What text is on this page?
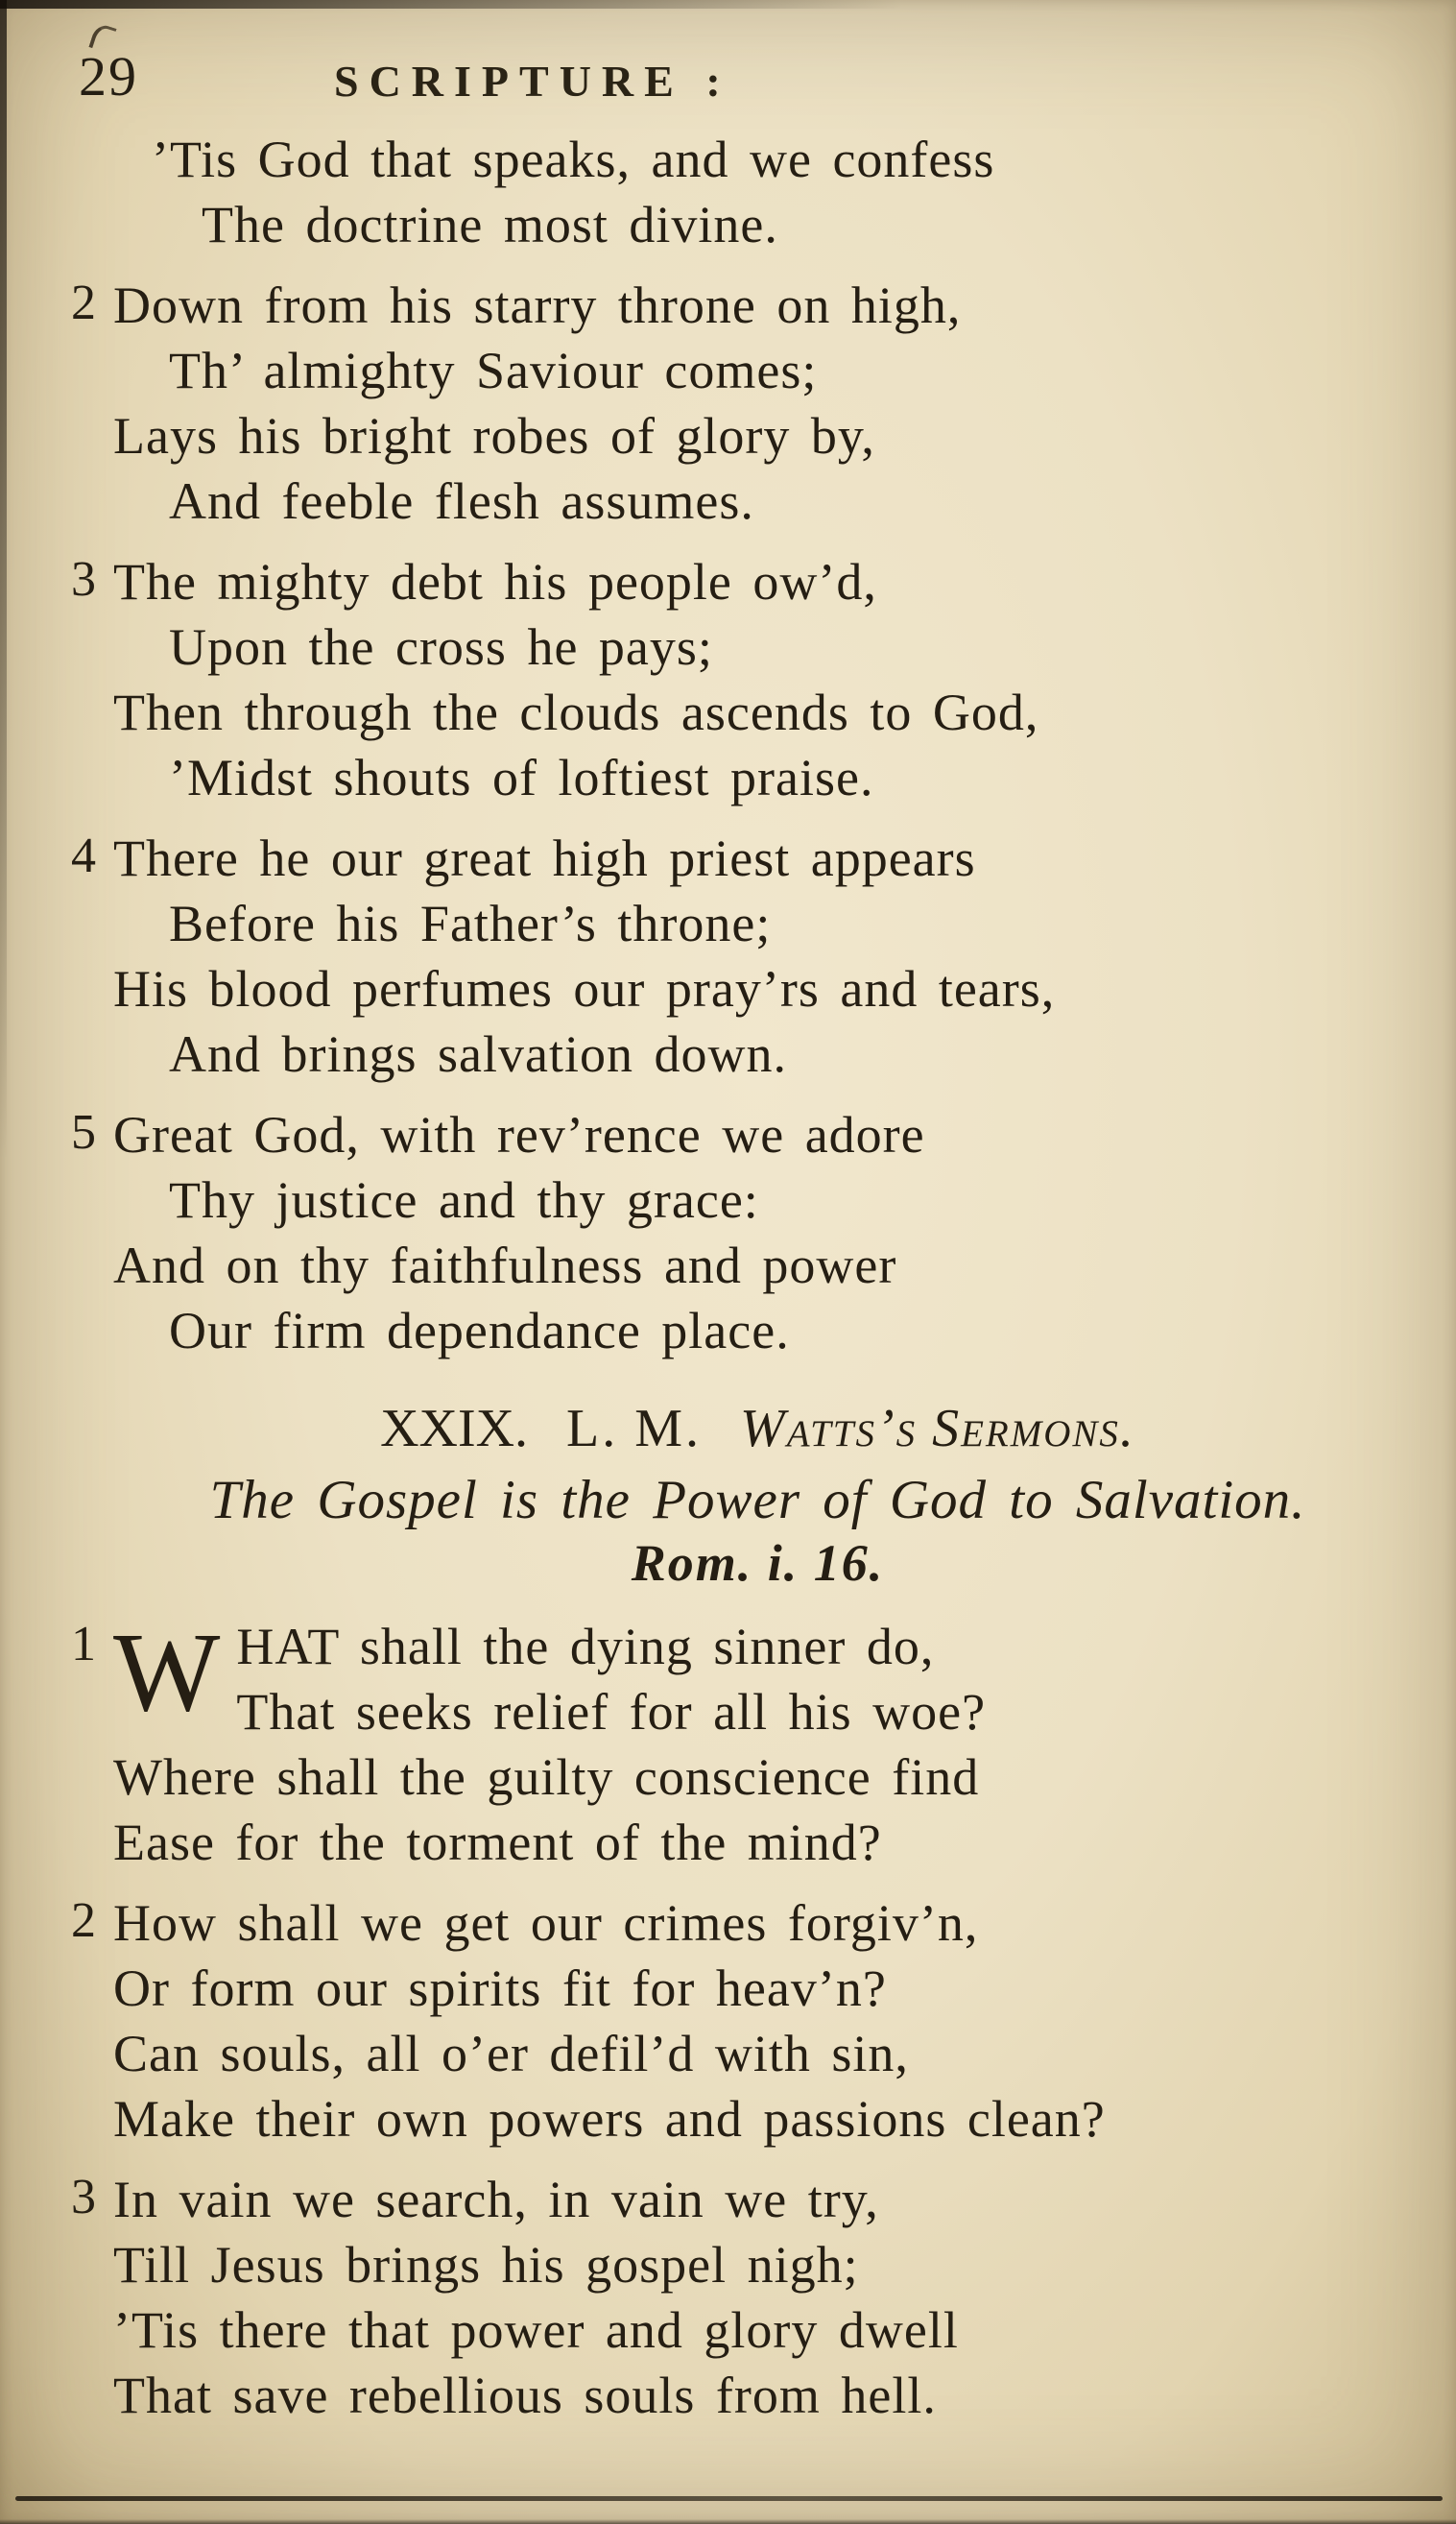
29	SCRIPTURE :
’Tis God that speaks, and we confess
The doctrine most divine.
2 Down from his starry throne on high,
Th’ almighty Saviour comes;
Lays his bright robes of glory by,
And feeble flesh assumes.
3 The mighty debt his people ow’d,
Upon the cross he pays;
Then through the clouds ascends to God,
’Midst shouts of loftiest praise.
4 There he our great high priest appears
Before his Father’s throne;
His blood perfumes our pray’rs and tears,
And brings salvation down.
5 Great God, with rev’rence we adore
Thy justice and thy grace:
And on thy faithfulness and power
Our firm dependance place.
XXIX. L. M. Watts’s Sermons.
The Gospel is the Power of God to Salvation.
Rom. i. 16.
1 WHAT shall the dying sinner do,
That seeks relief for all his woe?
Where shall the guilty conscience find
Ease for the torment of the mind?
2 How shall we get our crimes forgiv’n,
Or form our spirits fit for heav’n?
Can souls, all o’er defil’d with sin,
Make their own powers and passions clean?
3 In vain we search, in vain we try,
Till Jesus brings his gospel nigh;
’Tis there that power and glory dwell
That save rebellious souls from hell.
